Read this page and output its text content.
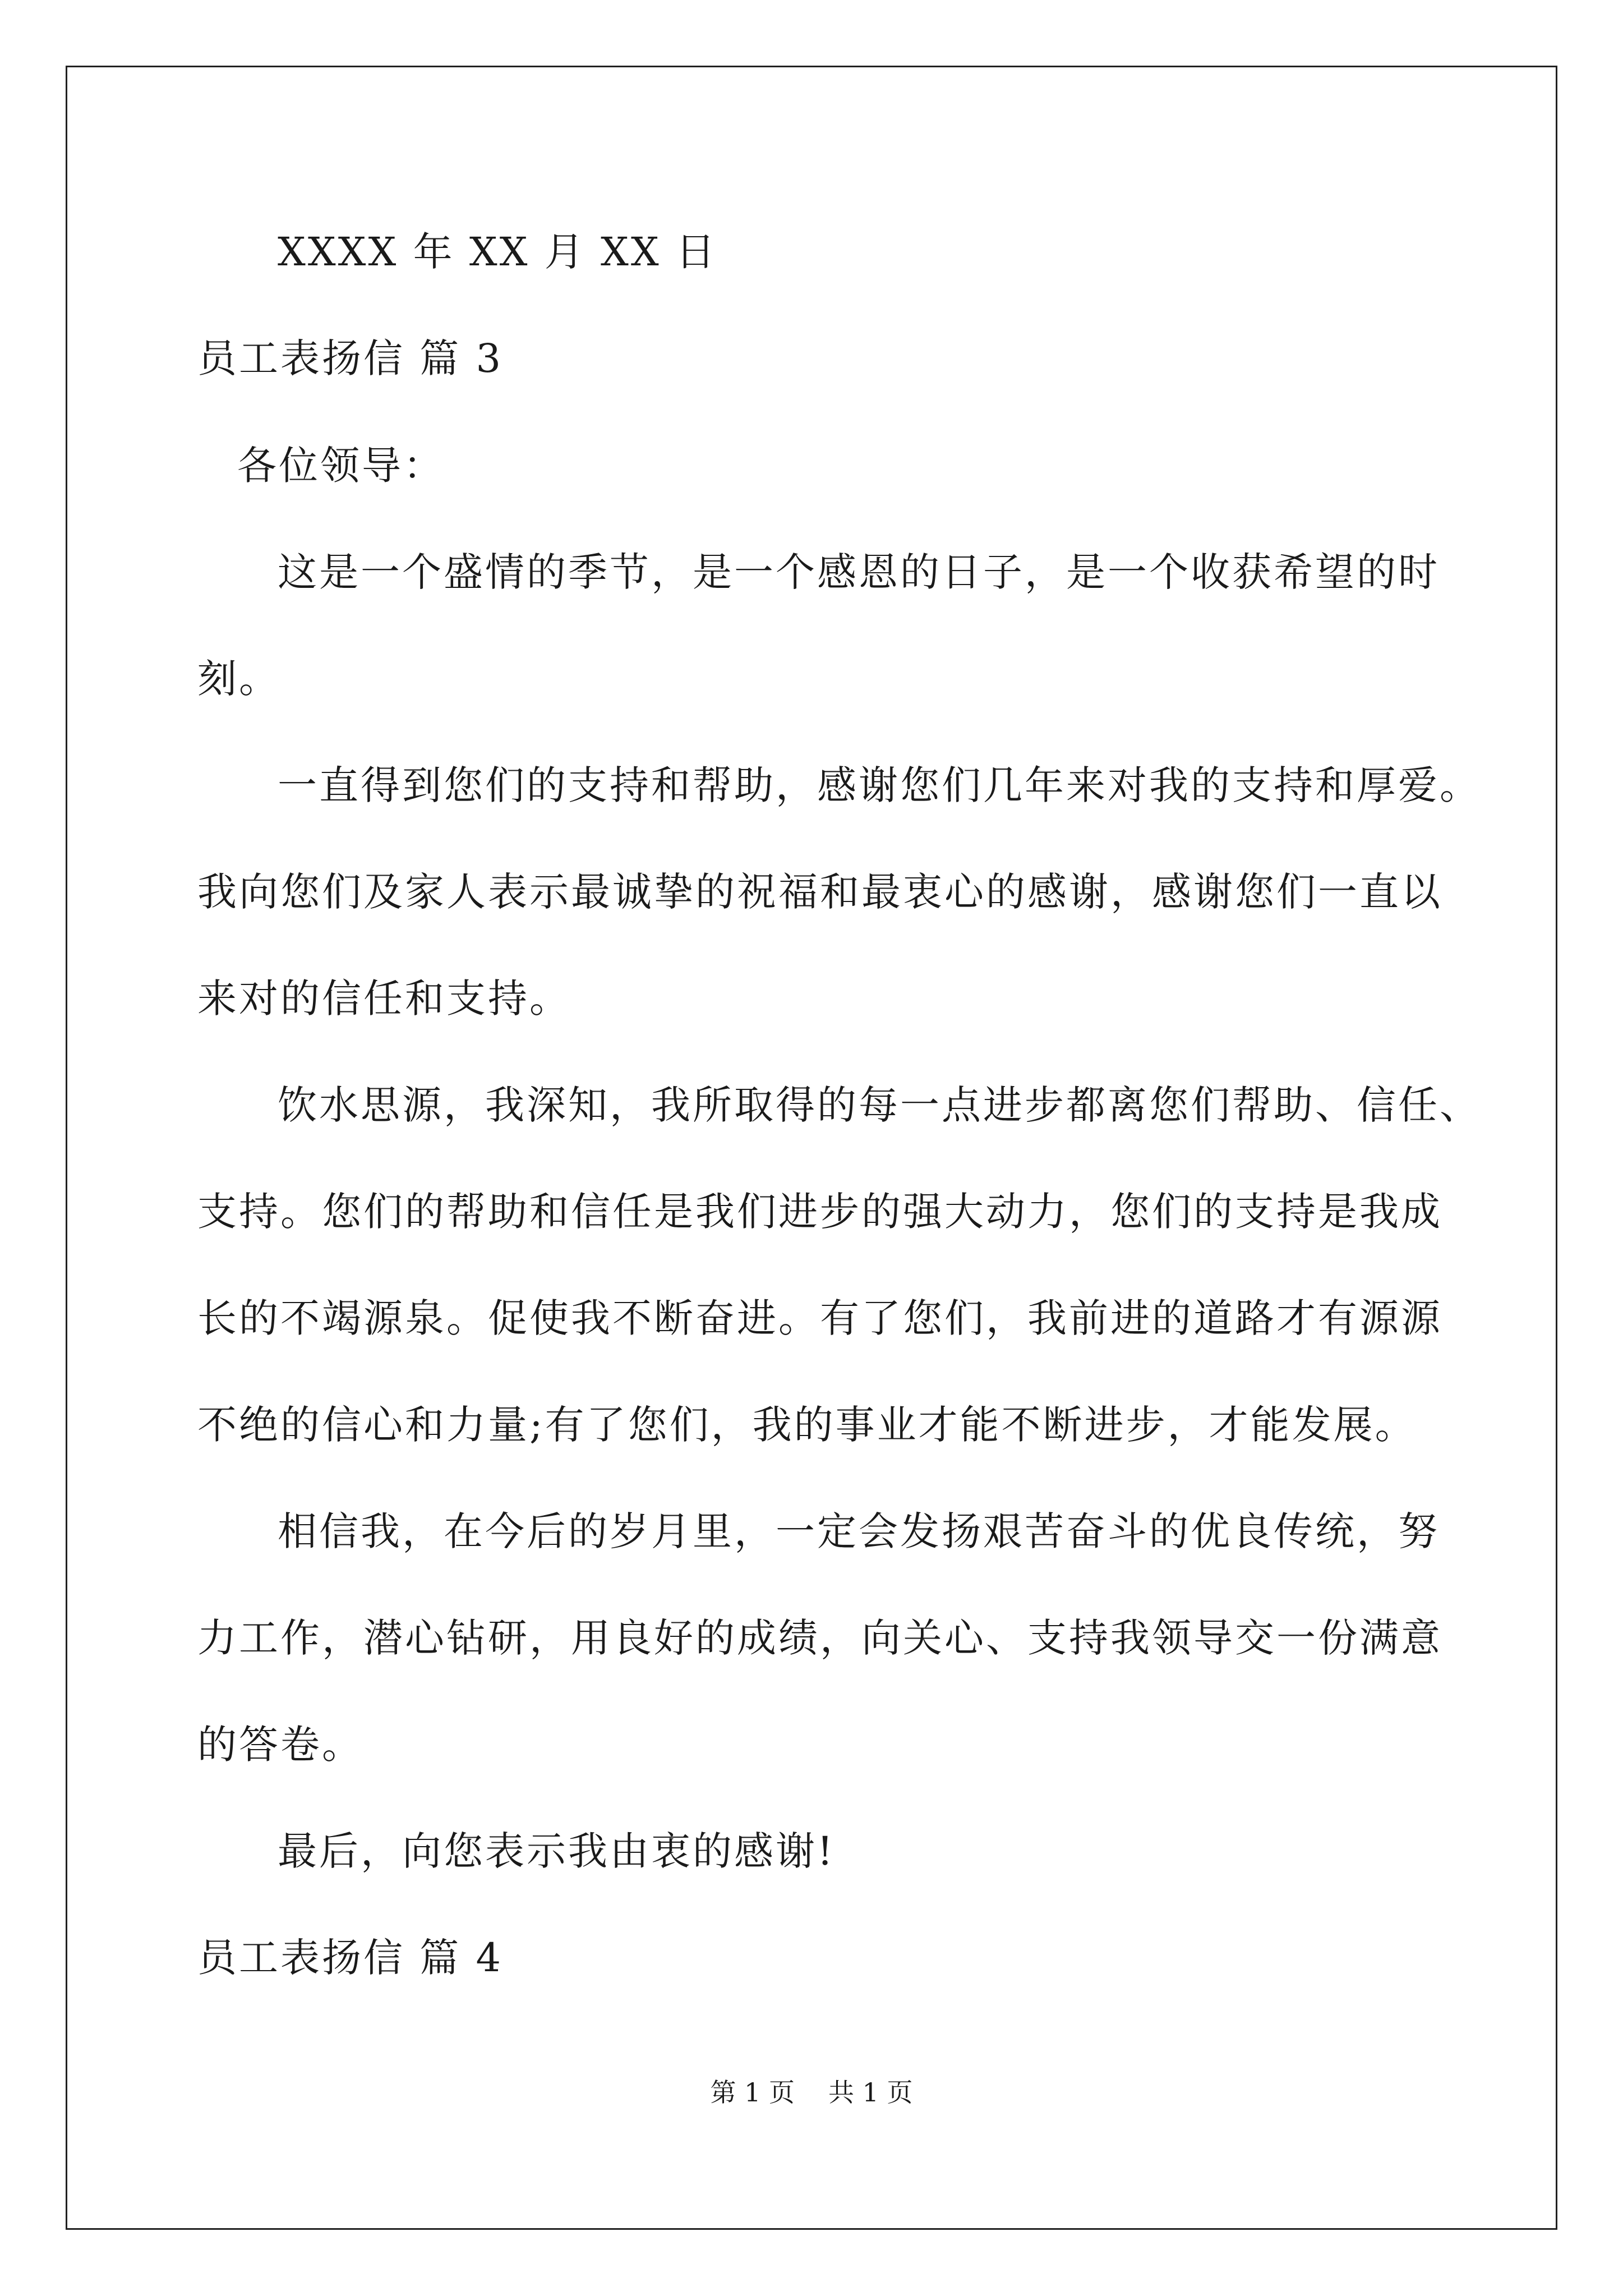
XXXX 年 XX 月 XX 日
员工表扬信 篇 3
各位领导：
这是一个盛情的季节，是一个感恩的日子，是一个收获希望的时
刻。
一直得到您们的支持和帮助，感谢您们几年来对我的支持和厚爱。
我向您们及家人表示最诚挚的祝福和最衷心的感谢，感谢您们一直以
来对的信任和支持。
饮水思源，我深知，我所取得的每一点进步都离您们帮助、信任、
支持。您们的帮助和信任是我们进步的强大动力，您们的支持是我成
长的不竭源泉。促使我不断奋进。有了您们，我前进的道路才有源源
不绝的信心和力量;有了您们，我的事业才能不断进步，才能发展。
相信我，在今后的岁月里，一定会发扬艰苦奋斗的优良传统，努
力工作，潜心钻研，用良好的成绩，向关心、支持我领导交一份满意
的答卷。
最后，向您表示我由衷的感谢!
员工表扬信 篇 4
第 1 页 共 1 页
